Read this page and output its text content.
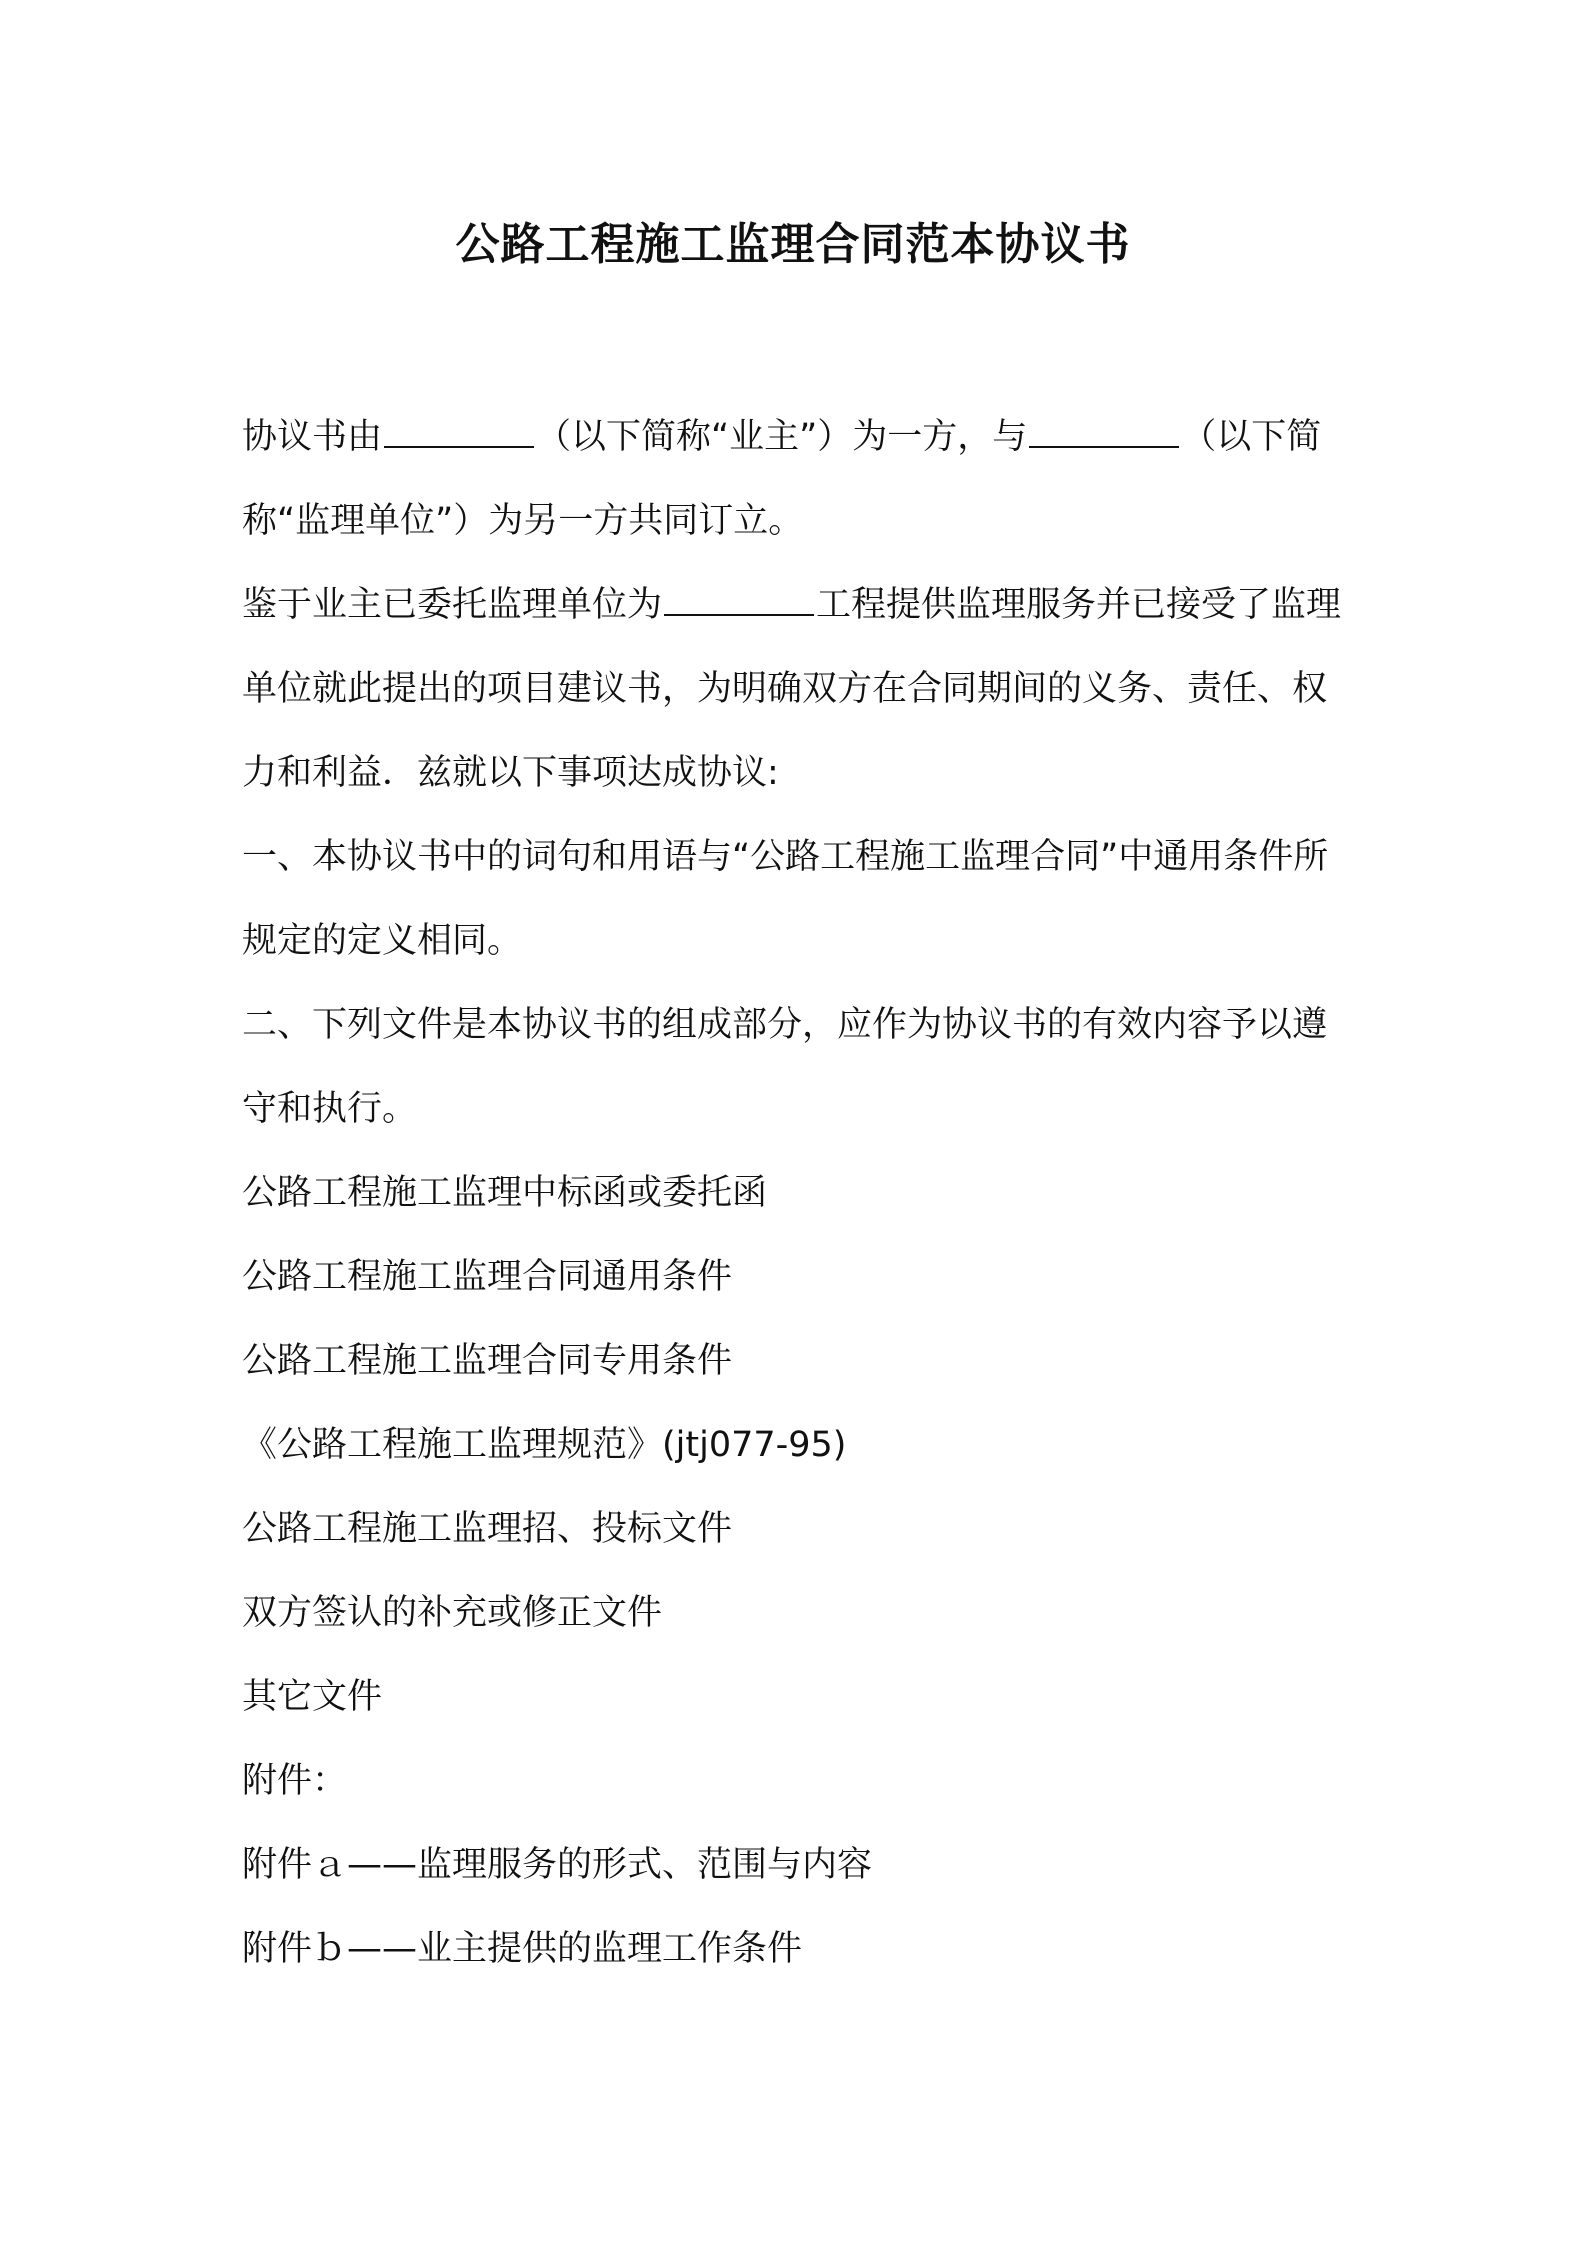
公路工程施工监理合同范本协议书

协议书由	（以下简称“业主”）为一方，与	（以下简称“监理单位”）为另一方共同订立。

鉴于业主已委托监理单位为	工程提供监理服务并已接受了监理单位就此提出的项目建议书，为明确双方在合同期间的义务、责任、权力和利益．兹就以下事项达成协议:

一、本协议书中的词句和用语与“公路工程施工监理合同”中通用条件所规定的定义相同。

二、下列文件是本协议书的组成部分，应作为协议书的有效内容予以遵守和执行。

公路工程施工监理中标函或委托函

公路工程施工监理合同通用条件

公路工程施工监理合同专用条件

《公路工程施工监理规范》(jtj077-95)

公路工程施工监理招、投标文件

双方签认的补充或修正文件

其它文件

附件：

附件ａ——监理服务的形式、范围与内容

附件ｂ——业主提供的监理工作条件
